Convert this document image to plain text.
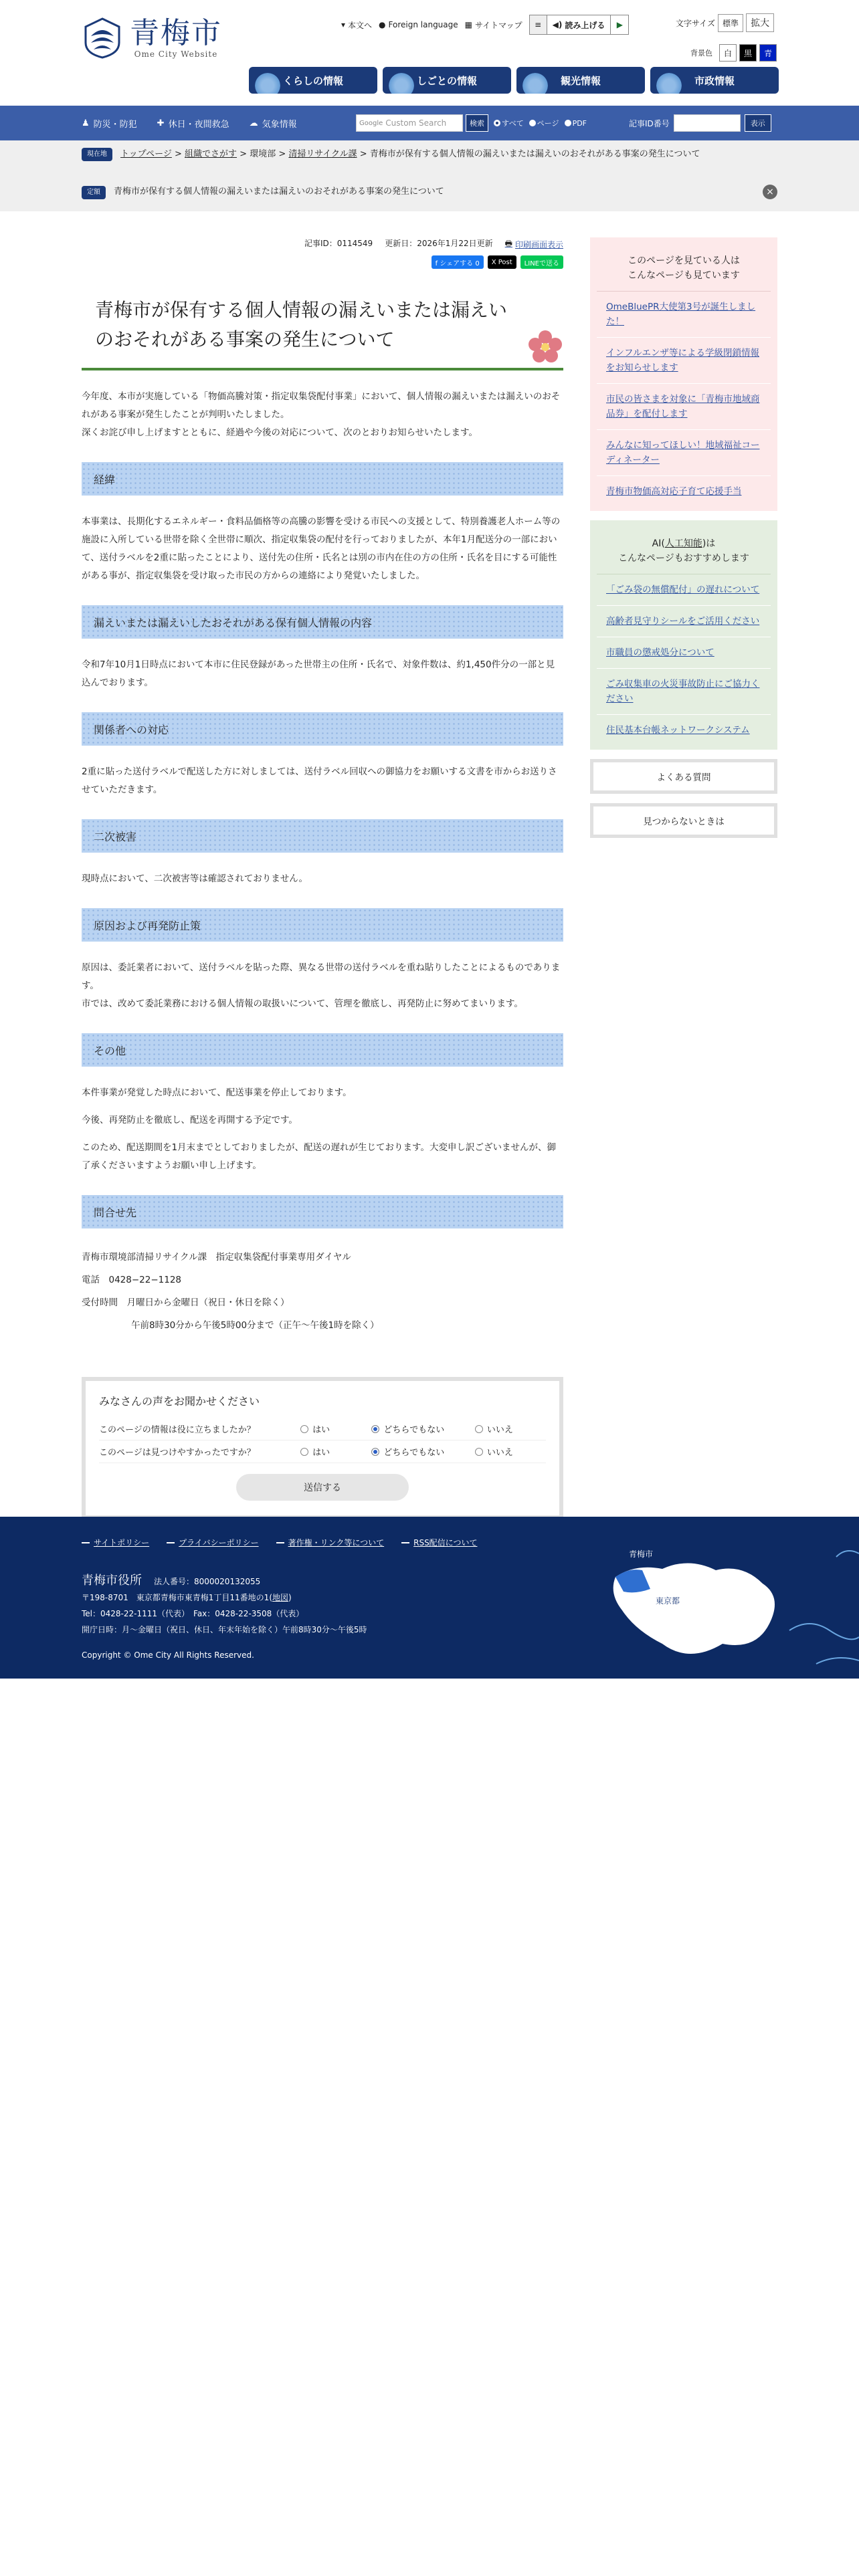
青梅市
Ome City Website
▾ 本文へ ● Foreign language ▦ サイトマップ	≡	◀) 読み上げる	▶	文字サイズ 標準	拡大
背景色	白	黒	青
くらしの情報	しごとの情報	観光情報	市政情報
♟ 防災・防犯 ✚ 休日・夜間救急 ☁ 気象情報	Google Custom Search	検索	すべて ページ PDF	記事ID番号	表示
現在地	トップページ > 組織でさがす > 環境部 > 清掃リサイクル課 > 青梅市が保有する個人情報の漏えいまたは漏えいのおそれがある事案の発生について
定額	青梅市が保有する個人情報の漏えいまたは漏えいのおそれがある事案の発生について	×
記事ID：0114549 更新日：2026年1月22日更新 🖶 印刷画面表示
f シェアする 0	X Post	LINEで送る
青梅市が保有する個人情報の漏えいまたは漏えいのおそれがある事案の発生について

今年度、本市が実施している「物価高騰対策・指定収集袋配付事業」において、個人情報の漏えいまたは漏えいのおそれがある事案が発生したことが判明いたしました。

深くお詫び申し上げますとともに、経過や今後の対応について、次のとおりお知らせいたします。

経緯
本事業は、長期化するエネルギー・食料品価格等の高騰の影響を受ける市民への支援として、特別養護老人ホーム等の施設に入所している世帯を除く全世帯に順次、指定収集袋の配付を行っておりましたが、本年1月配送分の一部において、送付ラベルを2重に貼ったことにより、送付先の住所・氏名とは別の市内在住の方の住所・氏名を目にする可能性がある事が、指定収集袋を受け取った市民の方からの連絡により発覚いたしました。
漏えいまたは漏えいしたおそれがある保有個人情報の内容
令和7年10月1日時点において本市に住民登録があった世帯主の住所・氏名で、対象件数は、約1,450件分の一部と見込んでおります。
関係者への対応
2重に貼った送付ラベルで配送した方に対しましては、送付ラベル回収への御協力をお願いする文書を市からお送りさせていただきます。
二次被害
現時点において、二次被害等は確認されておりません。
原因および再発防止策
原因は、委託業者において、送付ラベルを貼った際、異なる世帯の送付ラベルを重ね貼りしたことによるものであります。
市では、改めて委託業務における個人情報の取扱いについて、管理を徹底し、再発防止に努めてまいります。
その他
本件事業が発覚した時点において、配送事業を停止しております。
今後、再発防止を徹底し、配送を再開する予定です。
このため、配送期間を1月末までとしておりましたが、配送の遅れが生じております。大変申し訳ございませんが、御了承くださいますようお願い申し上げます。
問合せ先

青梅市環境部清掃リサイクル課　指定収集袋配付事業専用ダイヤル

電話　0428−22−1128

受付時間　月曜日から金曜日（祝日・休日を除く）

午前8時30分から午後5時00分まで（正午〜午後1時を除く）

みなさんの声をお聞かせください
このページの情報は役に立ちましたか？	はい	どちらでもない	いいえ
このページは見つけやすかったですか？	はい	どちらでもない	いいえ
送信する
このページを見ている人は
こんなページも見ています
OmeBluePR大使第3号が誕生しました！
インフルエンザ等による学級閉鎖情報をお知らせします
市民の皆さまを対象に「青梅市地域商品券」を配付します
みんなに知ってほしい！地域福祉コーディネーター
青梅市物価高対応子育て応援手当
AI(人工知能)は
こんなページもおすすめします
「ごみ袋の無償配付」の遅れについて
高齢者見守りシールをご活用ください
市職員の懲戒処分について
ごみ収集車の火災事故防止にご協力ください
住民基本台帳ネットワークシステム
よくある質問
見つからないときは
サイトポリシー	プライバシーポリシー	著作権・リンク等について	RSS配信について
青梅市役所 法人番号：8000020132055
〒198-8701　東京都青梅市東青梅1丁目11番地の1(地図)
Tel：0428-22-1111（代表）　Fax：0428-22-3508（代表）
開庁日時：月〜金曜日（祝日、休日、年末年始を除く）午前8時30分〜午後5時
Copyright © Ome City All Rights Reserved.
青梅市
東京都
